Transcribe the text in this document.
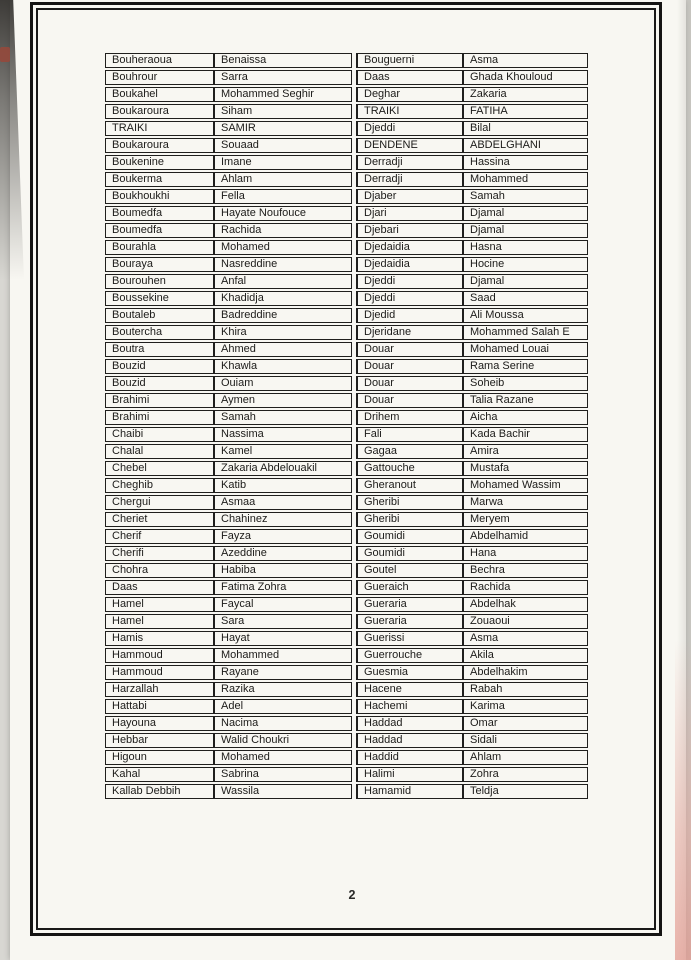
Bouheraoua	Benaissa
Bouhrour	Sarra
Boukahel	Mohammed Seghir
Boukaroura	Siham
TRAIKI	SAMIR
Boukaroura	Souaad
Boukenine	Imane
Boukerma	Ahlam
Boukhoukhi	Fella
Boumedfa	Hayate Noufouce
Boumedfa	Rachida
Bourahla	Mohamed
Bouraya	Nasreddine
Bourouhen	Anfal
Boussekine	Khadidja
Boutaleb	Badreddine
Boutercha	Khira
Boutra	Ahmed
Bouzid	Khawla
Bouzid	Ouiam
Brahimi	Aymen
Brahimi	Samah
Chaibi	Nassima
Chalal	Kamel
Chebel	Zakaria Abdelouakil
Cheghib	Katib
Chergui	Asmaa
Cheriet	Chahinez
Cherif	Fayza
Cherifi	Azeddine
Chohra	Habiba
Daas	Fatima Zohra
Hamel	Faycal
Hamel	Sara
Hamis	Hayat
Hammoud	Mohammed
Hammoud	Rayane
Harzallah	Razika
Hattabi	Adel
Hayouna	Nacima
Hebbar	Walid Choukri
Higoun	Mohamed
Kahal	Sabrina
Kallab Debbih	Wassila
Bouguerni	Asma
Daas	Ghada Khouloud
Deghar	Zakaria
TRAIKI	FATIHA
Djeddi	Bilal
DENDENE	ABDELGHANI
Derradji	Hassina
Derradji	Mohammed
Djaber	Samah
Djari	Djamal
Djebari	Djamal
Djedaidia	Hasna
Djedaidia	Hocine
Djeddi	Djamal
Djeddi	Saad
Djedid	Ali Moussa
Djeridane	Mohammed Salah E
Douar	Mohamed Louai
Douar	Rama Serine
Douar	Soheib
Douar	Talia Razane
Drihem	Aicha
Fali	Kada Bachir
Gagaa	Amira
Gattouche	Mustafa
Gheranout	Mohamed Wassim
Gheribi	Marwa
Gheribi	Meryem
Goumidi	Abdelhamid
Goumidi	Hana
Goutel	Bechra
Gueraich	Rachida
Gueraria	Abdelhak
Gueraria	Zouaoui
Guerissi	Asma
Guerrouche	Akila
Guesmia	Abdelhakim
Hacene	Rabah
Hachemi	Karima
Haddad	Omar
Haddad	Sidali
Haddid	Ahlam
Halimi	Zohra
Hamamid	Teldja
2
